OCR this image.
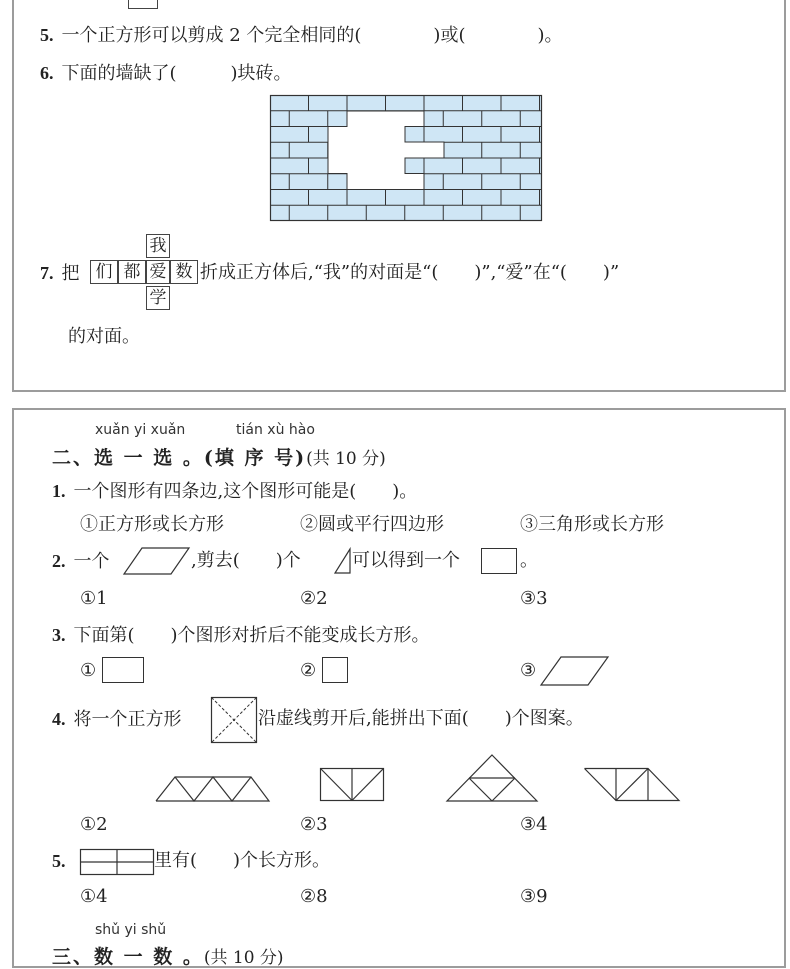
5. 一个正方形可以剪成 2 个完全相同的(　　　　)或(　　　　)。
6. 下面的墙缺了(　　　)块砖。
7. 把
我
们 都 爱 数
学
折成正方体后,“我”的对面是“(　　)”,“爱”在“(　　)”
的对面。
xuǎn yi xuǎn	tián xù hào
二、选 一 选 。(填 序 号)(共 10 分)
1. 一个图形有四条边,这个图形可能是(　　)。
①正方形或长方形	②圆或平行四边形	③三角形或长方形
2. 一个	,剪去(　　)个	可以得到一个	。
①1	②2	③3
3. 下面第(　　)个图形对折后不能变成长方形。
①	②	③
4. 将一个正方形	沿虚线剪开后,能拼出下面(　　)个图案。
①2	②3	③4
5.	里有(　　)个长方形。
①4	②8	③9
shǔ yi shǔ
三、数 一 数 。(共 10 分)
